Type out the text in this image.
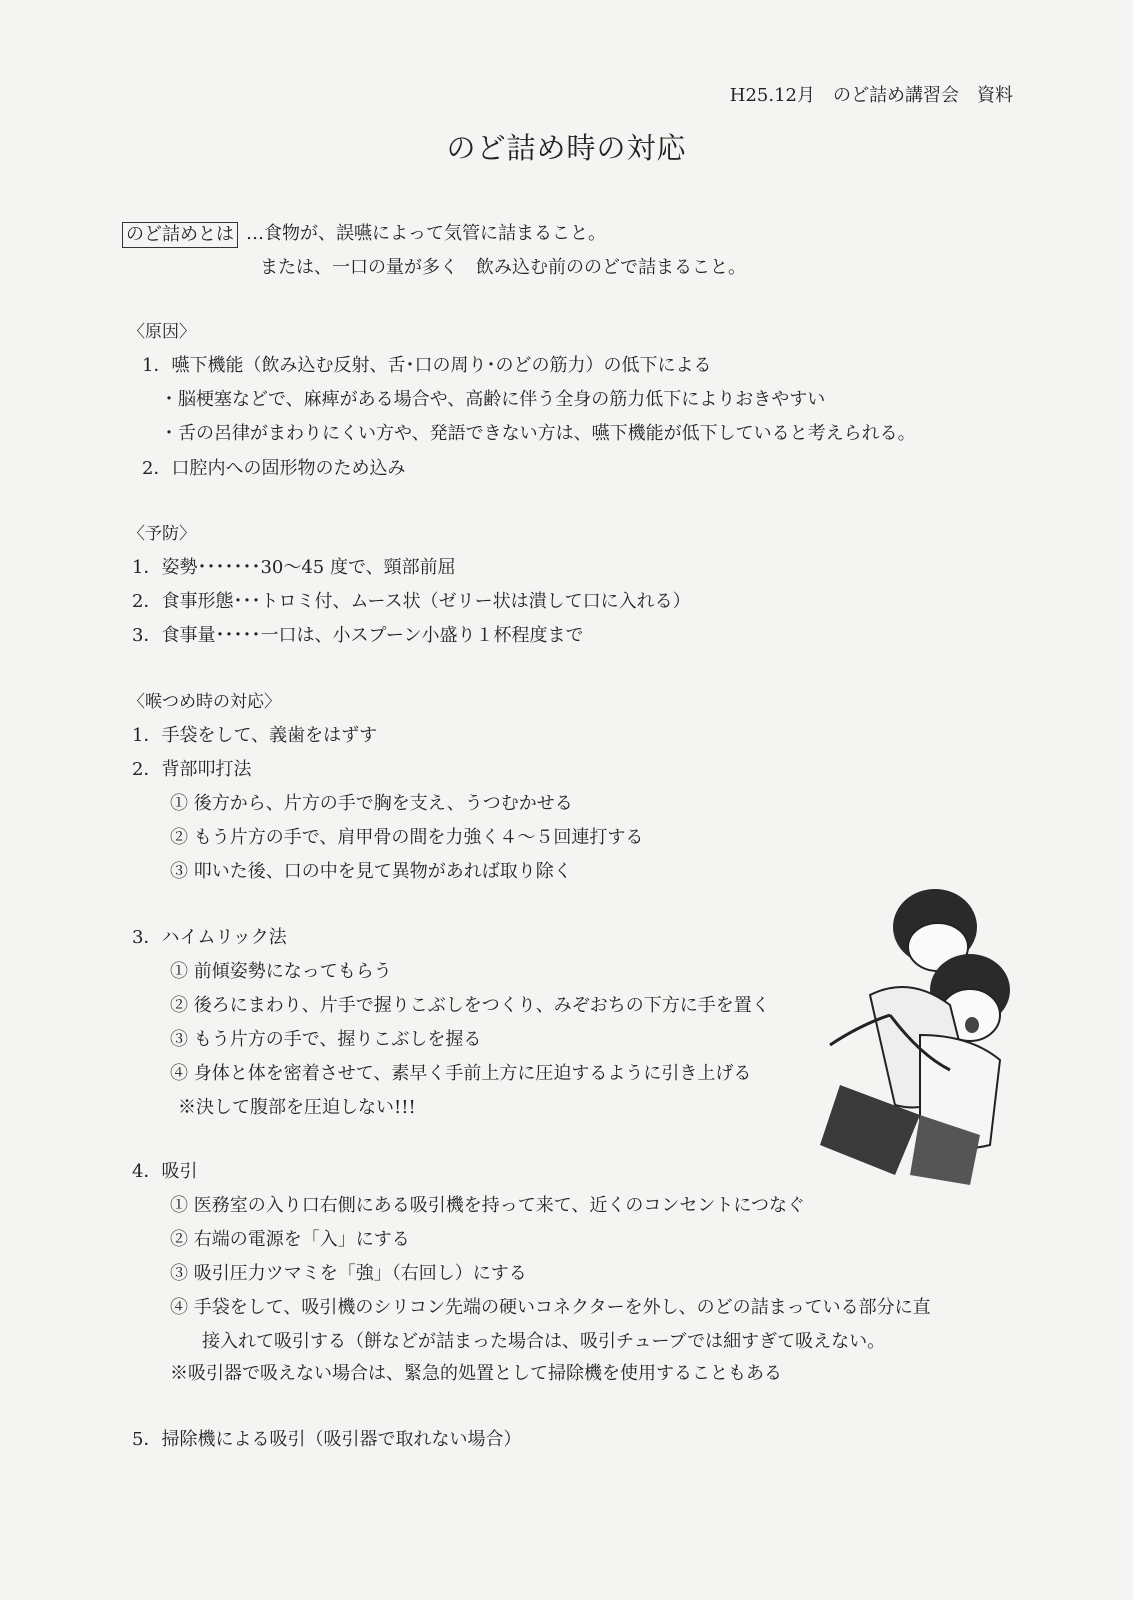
H25.12月 のど詰め講習会 資料
のど詰め時の対応
のど詰めとは …食物が、誤嚥によって気管に詰まること。
または、一口の量が多く　飲み込む前ののどで詰まること。
〈原因〉
1．嚥下機能（飲み込む反射、舌･口の周り･のどの筋力）の低下による
・脳梗塞などで、麻痺がある場合や、高齢に伴う全身の筋力低下によりおきやすい
・舌の呂律がまわりにくい方や、発語できない方は、嚥下機能が低下していると考えられる。
2．口腔内への固形物のため込み
〈予防〉
1．姿勢･･･････30～45 度で、頸部前屈
2．食事形態･･･トロミ付、ムース状（ゼリー状は潰して口に入れる）
3．食事量･････一口は、小スプーン小盛り１杯程度まで
〈喉つめ時の対応〉
1．手袋をして、義歯をはずす
2．背部叩打法
① 後方から、片方の手で胸を支え、うつむかせる
② もう片方の手で、肩甲骨の間を力強く４～５回連打する
③ 叩いた後、口の中を見て異物があれば取り除く
3．ハイムリック法
① 前傾姿勢になってもらう
② 後ろにまわり、片手で握りこぶしをつくり、みぞおちの下方に手を置く
③ もう片方の手で、握りこぶしを握る
④ 身体と体を密着させて、素早く手前上方に圧迫するように引き上げる
※決して腹部を圧迫しない!!!
4．吸引
① 医務室の入り口右側にある吸引機を持って来て、近くのコンセントにつなぐ
② 右端の電源を「入」にする
③ 吸引圧力ツマミを「強」（右回し）にする
④ 手袋をして、吸引機のシリコン先端の硬いコネクターを外し、のどの詰まっている部分に直
接入れて吸引する（餅などが詰まった場合は、吸引チューブでは細すぎて吸えない。
※吸引器で吸えない場合は、緊急的処置として掃除機を使用することもある
5．掃除機による吸引（吸引器で取れない場合）
